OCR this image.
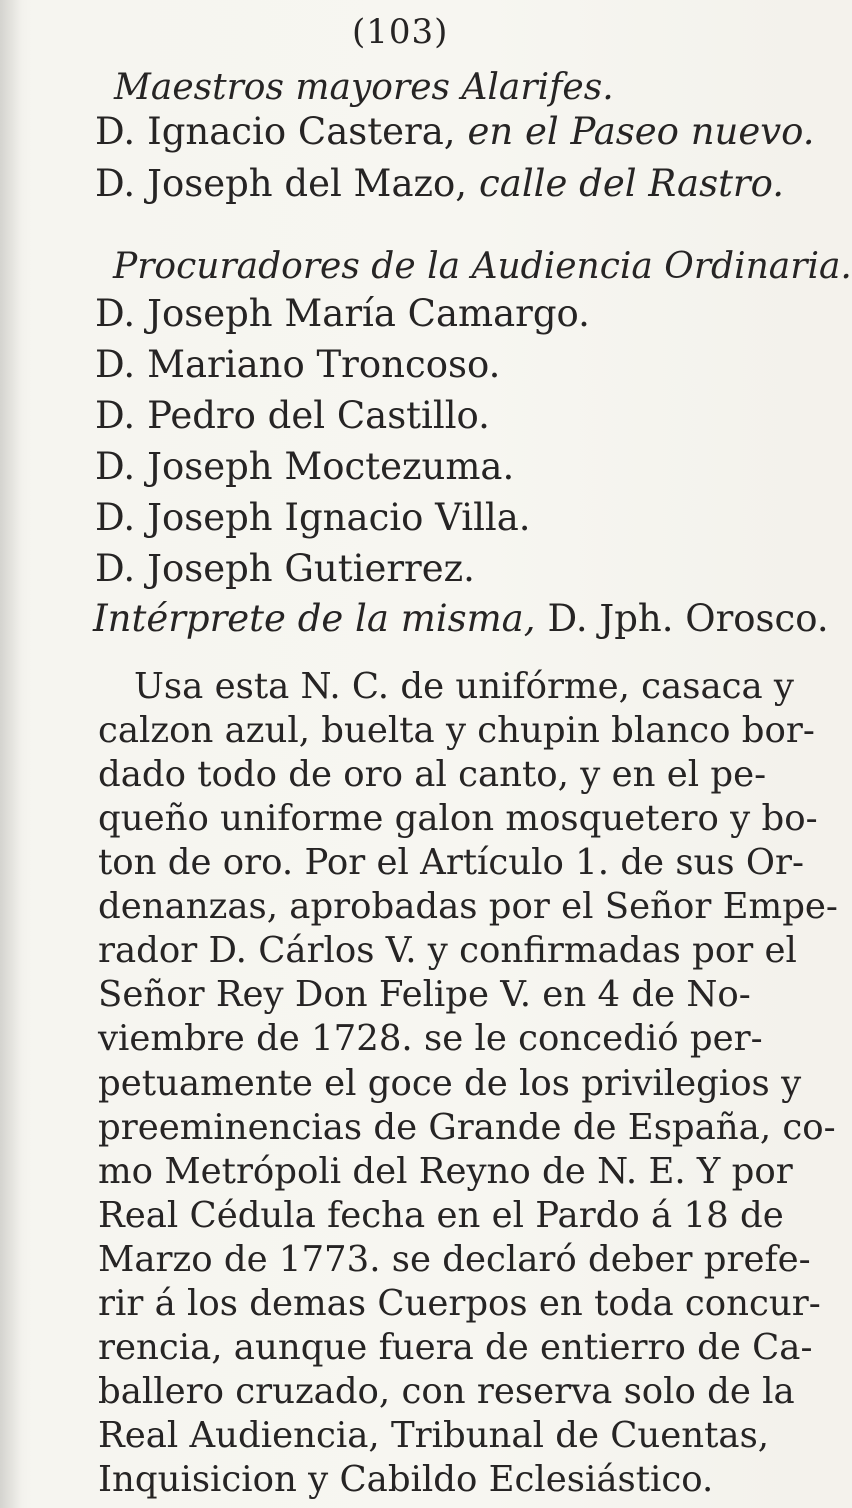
(103)
Maestros mayores Alarifes.
D. Ignacio Castera, en el Paseo nuevo.
D. Joseph del Mazo, calle del Rastro.
Procuradores de la Audiencia Ordinaria.
D. Joseph María Camargo.
D. Mariano Troncoso.
D. Pedro del Castillo.
D. Joseph Moctezuma.
D. Joseph Ignacio Villa.
D. Joseph Gutierrez.
Intérprete de la misma, D. Jph. Orosco.
Usa esta N. C. de unifórme, casaca y
calzon azul, buelta y chupin blanco bor-
dado todo de oro al canto, y en el pe-
queño uniforme galon mosquetero y bo-
ton de oro. Por el Artículo 1. de sus Or-
denanzas, aprobadas por el Señor Empe-
rador D. Cárlos V. y confirmadas por el
Señor Rey Don Felipe V. en 4 de No-
viembre de 1728. se le concedió per-
petuamente el goce de los privilegios y
preeminencias de Grande de España, co-
mo Metrópoli del Reyno de N. E. Y por
Real Cédula fecha en el Pardo á 18 de
Marzo de 1773. se declaró deber prefe-
rir á los demas Cuerpos en toda concur-
rencia, aunque fuera de entierro de Ca-
ballero cruzado, con reserva solo de la
Real Audiencia, Tribunal de Cuentas,
Inquisicion y Cabildo Eclesiástico.
